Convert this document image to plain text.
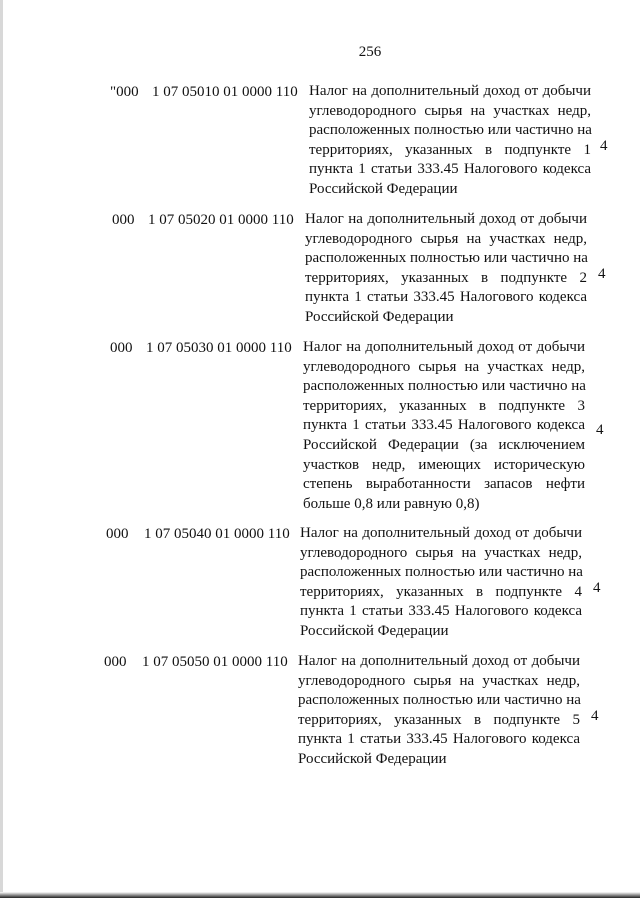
256
"000 1 07 05010 01 0000 110 Налог на дополнительный доход от добычи
углеводородного сырья на участках недр,
расположенных полностью или частично на
территориях, указанных в подпункте 1
пункта 1 статьи 333.45 Налогового кодекса
Российской Федерации
4
000 1 07 05020 01 0000 110 Налог на дополнительный доход от добычи
углеводородного сырья на участках недр,
расположенных полностью или частично на
территориях, указанных в подпункте 2
пункта 1 статьи 333.45 Налогового кодекса
Российской Федерации
4
000 1 07 05030 01 0000 110 Налог на дополнительный доход от добычи
углеводородного сырья на участках недр,
расположенных полностью или частично на
территориях, указанных в подпункте 3
пункта 1 статьи 333.45 Налогового кодекса
Российской Федерации (за исключением
участков недр, имеющих историческую
степень выработанности запасов нефти
больше 0,8 или равную 0,8)
4
000 1 07 05040 01 0000 110 Налог на дополнительный доход от добычи
углеводородного сырья на участках недр,
расположенных полностью или частично на
территориях, указанных в подпункте 4
пункта 1 статьи 333.45 Налогового кодекса
Российской Федерации
4
000 1 07 05050 01 0000 110 Налог на дополнительный доход от добычи
углеводородного сырья на участках недр,
расположенных полностью или частично на
территориях, указанных в подпункте 5
пункта 1 статьи 333.45 Налогового кодекса
Российской Федерации
4
